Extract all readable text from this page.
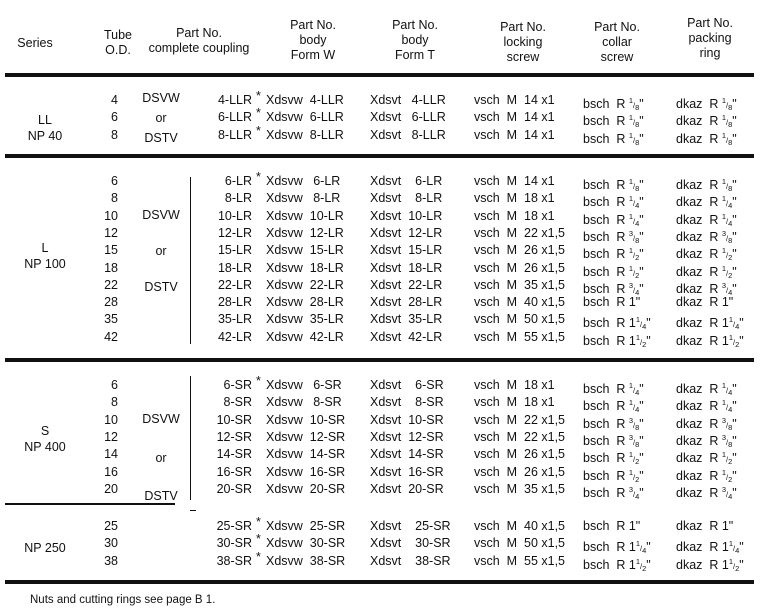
Series
Tube
O.D.
Part No.
complete coupling
Part No.
body
Form W
Part No.
body
Form T
Part No.
locking
screw
Part No.
collar
screw
Part No.
packing
ring
LL
NP 40
DSVW
or
DSTV
4	4-LLR * Xdsvw  4-LLR Xdsvt   4-LLR vsch  M  14 x1 bsch  R 1/8"	dkaz  R 1/8"
6	6-LLR * Xdsvw  6-LLR Xdsvt   6-LLR vsch  M  14 x1 bsch  R 1/8"	dkaz  R 1/8"
8	8-LLR * Xdsvw  8-LLR Xdsvt   8-LLR vsch  M  14 x1 bsch  R 1/8"	dkaz  R 1/8"
L
NP 100
DSVW
or
DSTV
6	6-LR * Xdsvw   6-LR Xdsvt    6-LR	vsch  M  14 x1 bsch  R 1/8"	dkaz  R 1/8"
8	8-LR Xdsvw   8-LR Xdsvt    8-LR	vsch  M  18 x1 bsch  R 1/4"	dkaz  R 1/4"
10	10-LR Xdsvw  10-LR Xdsvt  10-LR	vsch  M  18 x1 bsch  R 1/4"	dkaz  R 1/4"
12	12-LR Xdsvw  12-LR Xdsvt  12-LR	vsch  M  22 x1,5 bsch  R 3/8"	dkaz  R 3/8"
15	15-LR Xdsvw  15-LR Xdsvt  15-LR	vsch  M  26 x1,5 bsch  R 1/2"	dkaz  R 1/2"
18	18-LR Xdsvw  18-LR Xdsvt  18-LR	vsch  M  26 x1,5 bsch  R 1/2"	dkaz  R 1/2"
22	22-LR Xdsvw  22-LR Xdsvt  22-LR	vsch  M  35 x1,5 bsch  R 3/4"	dkaz  R 3/4"
28	28-LR Xdsvw  28-LR Xdsvt  28-LR	vsch  M  40 x1,5 bsch  R 1"	dkaz  R 1"
35	35-LR Xdsvw  35-LR Xdsvt  35-LR	vsch  M  50 x1,5 bsch  R 11/4" dkaz  R 11/4"
42	42-LR Xdsvw  42-LR Xdsvt  42-LR	vsch  M  55 x1,5 bsch  R 11/2" dkaz  R 11/2"
S
NP 400
DSVW
or
DSTV
6	6-SR * Xdsvw   6-SR Xdsvt    6-SR vsch  M  18 x1 bsch  R 1/4"	dkaz  R 1/4"
8	8-SR Xdsvw   8-SR Xdsvt    8-SR vsch  M  18 x1 bsch  R 1/4"	dkaz  R 1/4"
10	10-SR Xdsvw  10-SR Xdsvt  10-SR vsch  M  22 x1,5 bsch  R 3/8"	dkaz  R 3/8"
12	12-SR Xdsvw  12-SR Xdsvt  12-SR vsch  M  22 x1,5 bsch  R 3/8"	dkaz  R 3/8"
14	14-SR Xdsvw  14-SR Xdsvt  14-SR vsch  M  26 x1,5 bsch  R 1/2"	dkaz  R 1/2"
16	16-SR Xdsvw  16-SR Xdsvt  16-SR vsch  M  26 x1,5 bsch  R 1/2"	dkaz  R 1/2"
20	20-SR Xdsvw  20-SR Xdsvt  20-SR vsch  M  35 x1,5 bsch  R 3/4"	dkaz  R 3/4"
NP 250
25	25-SR * Xdsvw  25-SR Xdsvt    25-SR vsch  M  40 x1,5 bsch  R 1"	dkaz  R 1"
30	30-SR * Xdsvw  30-SR Xdsvt    30-SR vsch  M  50 x1,5 bsch  R 11/4" dkaz  R 11/4"
38	38-SR * Xdsvw  38-SR Xdsvt    38-SR vsch  M  55 x1,5 bsch  R 11/2" dkaz  R 11/2"
Nuts and cutting rings see page B 1.
